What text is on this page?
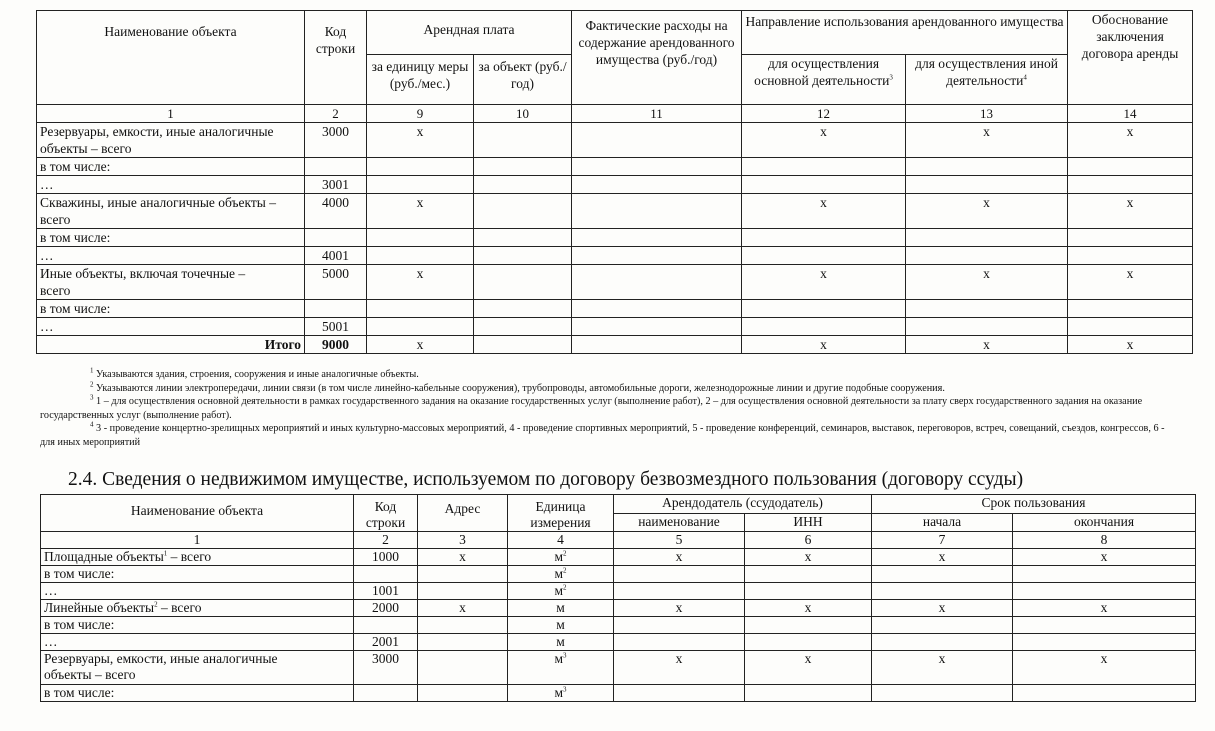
Наименование объекта	Код строки	Арендная плата		Фактические расходы на содержание арендованного имущества (руб./год)	Направление использования арендованного имущества		Обоснование заключения договора аренды
		за единицу меры (руб./мес.)	за объект (руб./год)		для осуществления основной деятельности$^3$	для осуществления иной деятельности$^4$
1	2	9	10	11	12	13	14
Резервуары, емкости, иные аналогичные объекты – всего	3000	x			x	x	x
в том числе:							
…	3001						
Скважины, иные аналогичные объекты – всего	4000	x			x	x	x
в том числе:							
…	4001						
Иные объекты, включая точечные – всего	5000	x			x	x	x
в том числе:							
…	5001						
Итого	9000	x			x	x	x

$^1$ Указываются здания, строения, сооружения и иные аналогичные объекты.

$^2$ Указываются линии электропередачи, линии связи (в том числе линейно-кабельные сооружения), трубопроводы, автомобильные дороги, железнодорожные линии и другие подобные сооружения.

$^3$ 1 – для осуществления основной деятельности в рамках государственного задания на оказание государственных услуг (выполнение работ), 2 – для осуществления основной деятельности за плату сверх государственного задания на оказание государственных услуг (выполнение работ).

$^4$ 3 - проведение концертно-зрелищных мероприятий и иных культурно-массовых мероприятий, 4 - проведение спортивных мероприятий, 5 - проведение конференций, семинаров, выставок, переговоров, встреч, совещаний, съездов, конгрессов, 6 - для иных мероприятий

2.4. Сведения о недвижимом имуществе, используемом по договору безвозмездного пользования (договору ссуды)
Наименование объекта	Код строки	Адрес	Единица измерения	Арендодатель (ссудодатель)		Срок пользования	
				наименование	ИНН	начала	окончания
1	2	3	4	5	6	7	8
Площадные объекты$^1$ – всего	1000	x	$м^2$	x	x	x	x
в том числе:			$м^2$				
…	1001		$м^2$				
Линейные объекты$^2$ – всего	2000	x	м	x	x	x	x
в том числе:			м				
…	2001		м				
Резервуары, емкости, иные аналогичные объекты – всего	3000		$м^3$	x	x	x	x
в том числе:			$м^3$				
